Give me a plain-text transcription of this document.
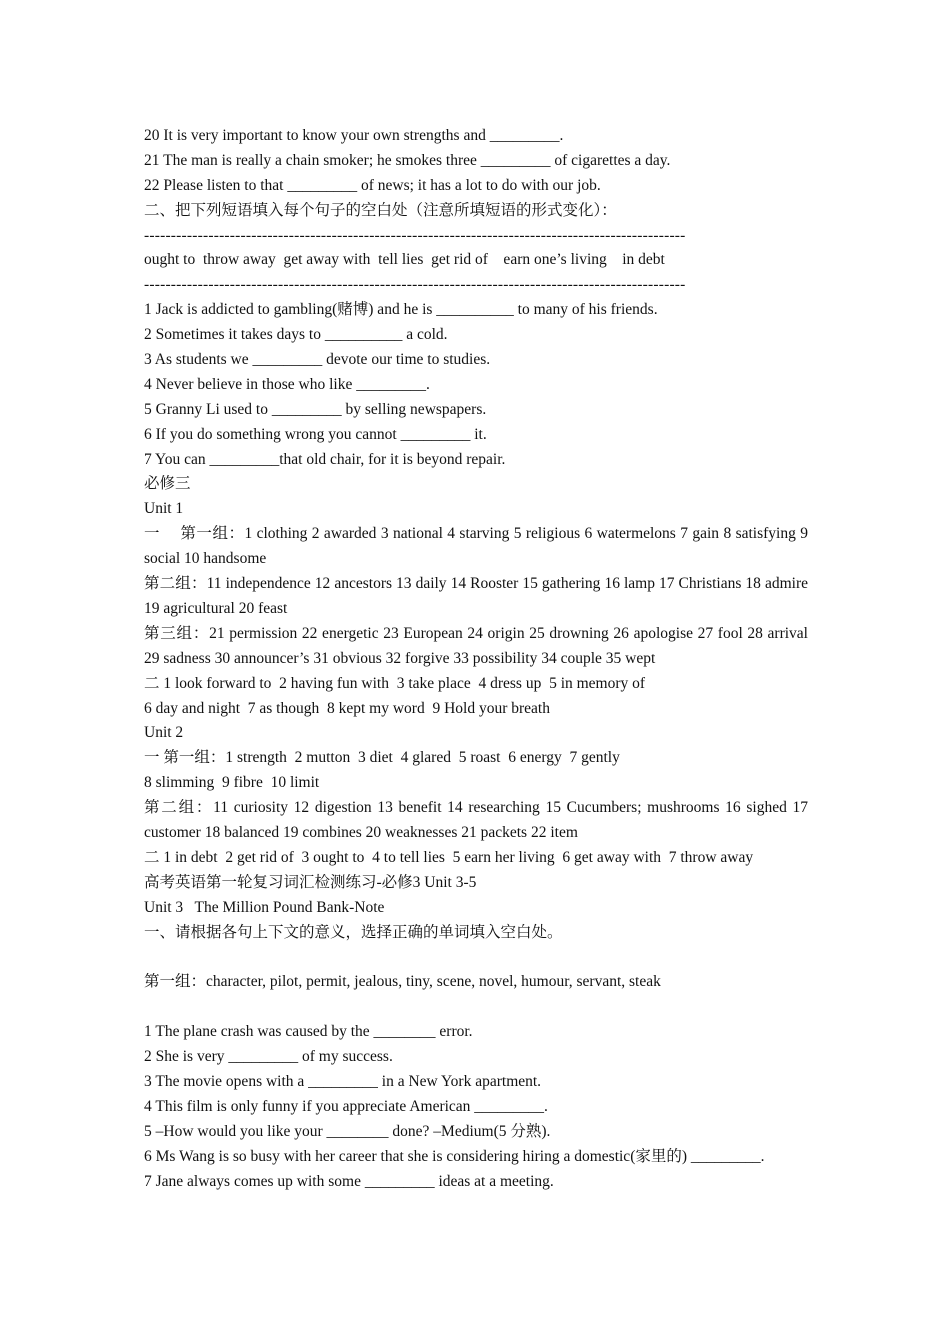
20 It is very important to know your own strengths and _________.
21 The man is really a chain smoker; he smokes three _________ of cigarettes a day.
22 Please listen to that _________ of news; it has a lot to do with our job.
二、把下列短语填入每个句子的空白处（注意所填短语的形式变化）：
-----------------------------------------------------------------------------------------------------
ought to  throw away  get away with  tell lies  get rid of    earn one’s living    in debt
-----------------------------------------------------------------------------------------------------
1 Jack is addicted to gambling(赌博) and he is __________ to many of his friends.
2 Sometimes it takes days to __________ a cold.
3 As students we _________ devote our time to studies.
4 Never believe in those who like _________.
5 Granny Li used to _________ by selling newspapers.
6 If you do something wrong you cannot _________ it.
7 You can _________that old chair, for it is beyond repair.
必修三
Unit 1
一　 第一组：1 clothing 2 awarded 3 national 4 starving 5 religious 6 watermelons 7 gain 8 satisfying 9 social 10 handsome
第二组：11 independence 12 ancestors 13 daily 14 Rooster 15 gathering 16 lamp 17 Christians 18 admire 19 agricultural 20 feast
第三组：21 permission 22 energetic 23 European 24 origin 25 drowning 26 apologise 27 fool 28 arrival 29 sadness 30 announcer’s 31 obvious 32 forgive 33 possibility 34 couple 35 wept
二 1 look forward to  2 having fun with  3 take place  4 dress up  5 in memory of
6 day and night  7 as though  8 kept my word  9 Hold your breath
Unit 2
一 第一组：1 strength  2 mutton  3 diet  4 glared  5 roast  6 energy  7 gently
8 slimming  9 fibre  10 limit
第二组：11 curiosity 12 digestion 13 benefit 14 researching 15 Cucumbers; mushrooms 16 sighed 17 customer 18 balanced 19 combines 20 weaknesses 21 packets 22 item
二 1 in debt  2 get rid of  3 ought to  4 to tell lies  5 earn her living  6 get away with  7 throw away
高考英语第一轮复习词汇检测练习-必修3 Unit 3-5
Unit 3   The Million Pound Bank-Note
一、请根据各句上下文的意义，选择正确的单词填入空白处。
第一组：character, pilot, permit, jealous, tiny, scene, novel, humour, servant, steak
1 The plane crash was caused by the ________ error.
2 She is very _________ of my success.
3 The movie opens with a _________ in a New York apartment.
4 This film is only funny if you appreciate American _________.
5 –How would you like your ________ done? –Medium(5 分熟).
6 Ms Wang is so busy with her career that she is considering hiring a domestic(家里的) _________.
7 Jane always comes up with some _________ ideas at a meeting.
